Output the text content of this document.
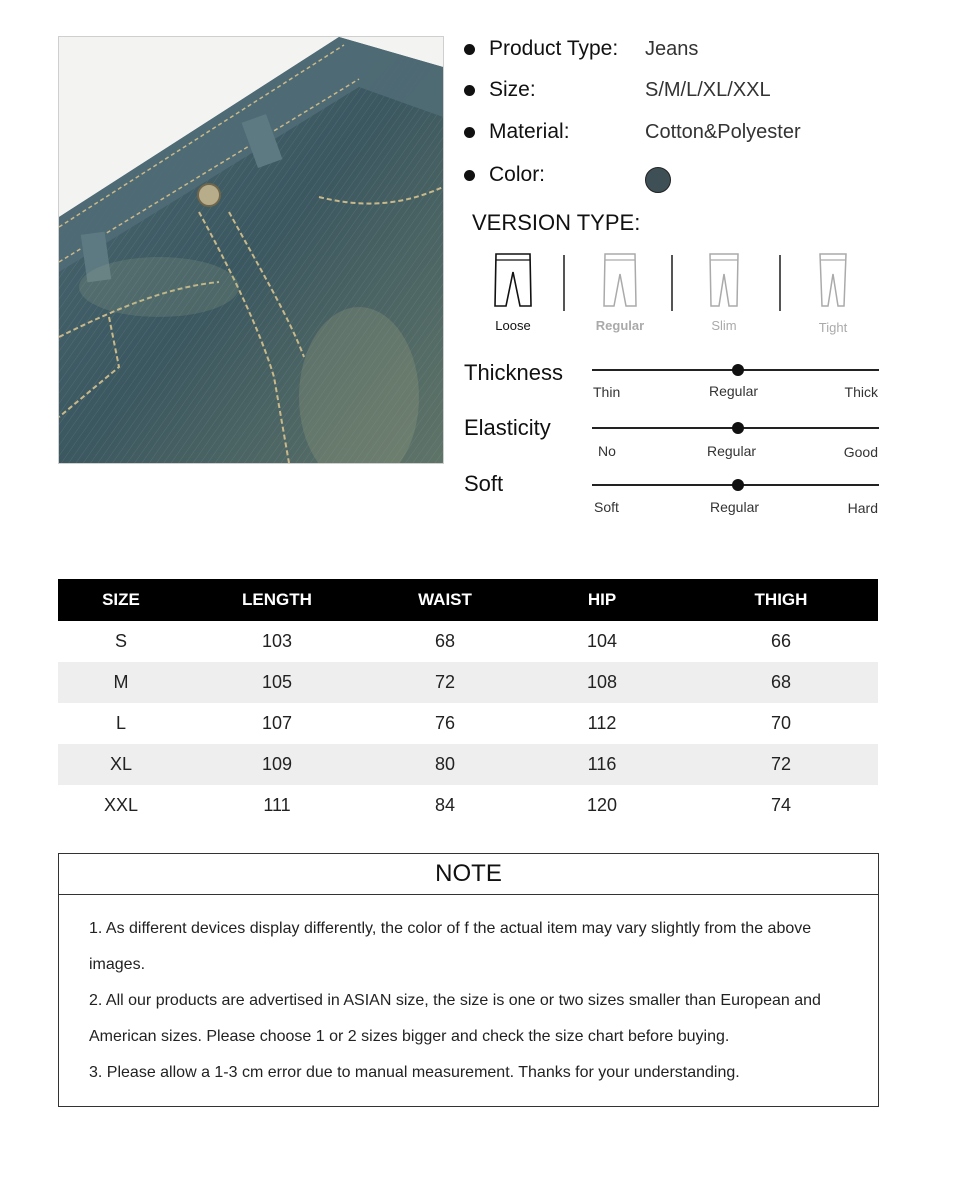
Product Type: Jeans
Size:	S/M/L/XL/XXL
Material:	Cotton&Polyester
Color:
VERSION TYPE:
Loose	Regular	Slim	Tight
Thickness
Thin	Regular	Thick
Elasticity
No	Regular	Good
Soft
Soft	Regular	Hard
SIZE	LENGTH	WAIST	HIP	THIGH
S	103	68	104	66
M	105	72	108	68
L	107	76	112	70
XL	109	80	116	72
XXL	111	84	120	74
NOTE

1. As different devices display differently, the color of f the actual item may vary slightly from the above images.

2. All our products are advertised in ASIAN size, the size is one or two sizes smaller than European and American sizes. Please choose 1 or 2 sizes bigger and check the size chart before buying.

3. Please allow a 1-3 cm error due to manual measurement. Thanks for your understanding.
